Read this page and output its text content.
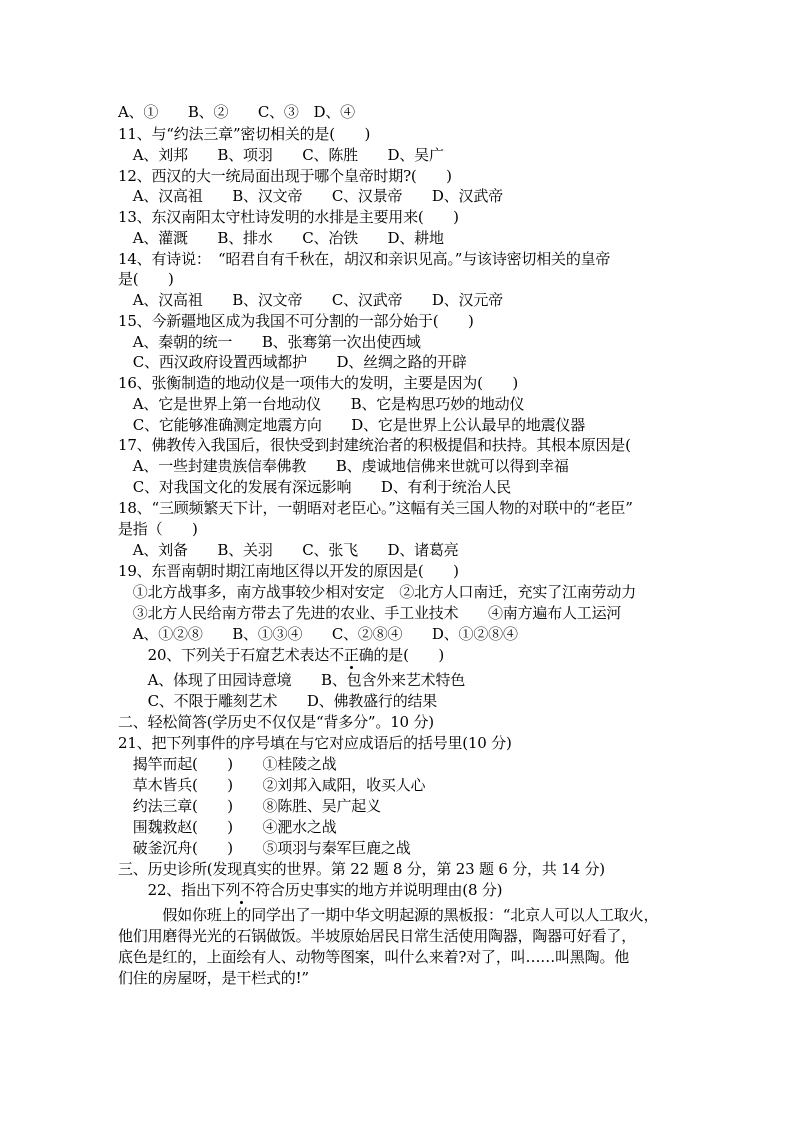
A、①　　B、②　　C、③　D、④
11、与“约法三章”密切相关的是(　　)
　A、刘邦　　B、项羽　　C、陈胜　　D、吴广
12、西汉的大一统局面出现于哪个皇帝时期?(　　)
　A、汉高祖　　B、汉文帝　　C、汉景帝　　D、汉武帝
13、东汉南阳太守杜诗发明的水排是主要用来(　　)
　A、灌溉　　B、排水　　C、冶铁　　D、耕地
14、有诗说：　“昭君自有千秋在，胡汉和亲识见高。”与该诗密切相关的皇帝
是(　　)
　A、汉高祖　　B、汉文帝　　C、汉武帝　　D、汉元帝
15、今新疆地区成为我国不可分割的一部分始于(　　)
　A、秦朝的统一　　B、张骞第一次出使西域
　C、西汉政府设置西域都护　　D、丝绸之路的开辟
16、张衡制造的地动仪是一项伟大的发明，主要是因为(　　)
　A、它是世界上第一台地动仪　　B、它是构思巧妙的地动仪
　C、它能够准确测定地震方向　　D、它是世界上公认最早的地震仪器
17、佛教传入我国后，很快受到封建统治者的积极提倡和扶持。其根本原因是(
　A、一些封建贵族信奉佛教　　B、虔诚地信佛来世就可以得到幸福
　C、对我国文化的发展有深远影响　　D、有利于统治人民
18、“三顾频繁天下计，一朝晤对老臣心。”这幅有关三国人物的对联中的“老臣”
是指（　　)
　A、刘备　　B、关羽　　C、张飞　　D、诸葛亮
19、东晋南朝时期江南地区得以开发的原因是(　　)
　①北方战事多，南方战事较少相对安定　②北方人口南迁，充实了江南劳动力
　③北方人民给南方带去了先进的农业、手工业技术　　④南方遍布人工运河
　A、①②⑧　　B、①③④　　C、②⑧④　　D、①②⑧④
　　20、下列关于石窟艺术表达不正确的是(　　)
　　A、体现了田园诗意境　　B、包含外来艺术特色
　　C、不限于雕刻艺术　　D、佛教盛行的结果
二、轻松简答(学历史不仅仅是“背多分”。10 分)
21、把下列事件的序号填在与它对应成语后的括号里(10 分)
　揭竿而起(　　)　　①桂陵之战
　草木皆兵(　　)　　②刘邦入咸阳，收买人心
　约法三章(　　)　　⑧陈胜、吴广起义
　围魏救赵(　　)　　④淝水之战
　破釜沉舟(　　)　　⑤项羽与秦军巨鹿之战
三、历史诊所(发现真实的世界。第 22 题 8 分，第 23 题 6 分，共 14 分)
　　22、指出下列不符合历史事实的地方并说明理由(8 分)
　　　假如你班上的同学出了一期中华文明起源的黑板报：“北京人可以人工取火，
他们用磨得光光的石锅做饭。半坡原始居民日常生活使用陶器，陶器可好看了，
底色是红的，上面绘有人、动物等图案，叫什么来着?对了，叫……叫黑陶。他
们住的房屋呀，是干栏式的!”
